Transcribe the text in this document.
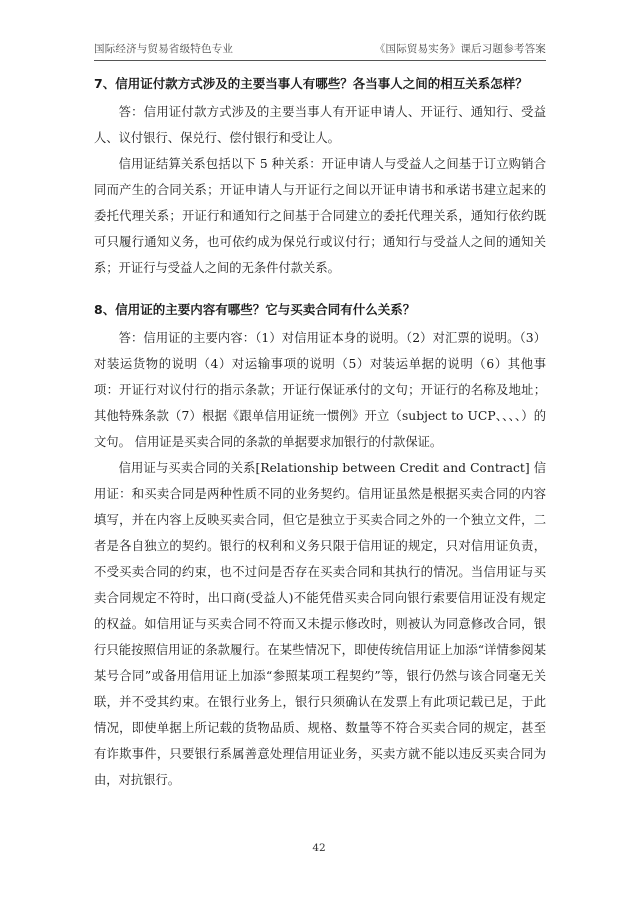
国际经济与贸易省级特色专业	《国际贸易实务》课后习题参考答案
7、信用证付款方式涉及的主要当事人有哪些？各当事人之间的相互关系怎样？

答：信用证付款方式涉及的主要当事人有开证申请人、开证行、通知行、受益人、议付银行、保兑行、偿付银行和受让人。

信用证结算关系包括以下 5 种关系：开证申请人与受益人之间基于订立购销合同而产生的合同关系；开证申请人与开证行之间以开证申请书和承诺书建立起来的委托代理关系；开证行和通知行之间基于合同建立的委托代理关系，通知行依约既可只履行通知义务，也可依约成为保兑行或议付行；通知行与受益人之间的通知关系；开证行与受益人之间的无条件付款关系。

8、信用证的主要内容有哪些？它与买卖合同有什么关系？

答：信用证的主要内容：（1）对信用证本身的说明。（2）对汇票的说明。（3）对装运货物的说明（4）对运输事项的说明（5）对装运单据的说明（6）其他事项：开证行对议付行的指示条款；开证行保证承付的文句；开证行的名称及地址；其他特殊条款（7）根据《跟单信用证统一惯例》开立（subject to UCP、、、、）的文句。 信用证是买卖合同的条款的单据要求加银行的付款保证。

信用证与买卖合同的关系[Relationship between Credit and Contract] 信用证：和买卖合同是两种性质不同的业务契约。信用证虽然是根据买卖合同的内容填写，并在内容上反映买卖合同，但它是独立于买卖合同之外的一个独立文件，二者是各自独立的契约。银行的权利和义务只限于信用证的规定，只对信用证负责，不受买卖合同的约束，也不过问是否存在买卖合同和其执行的情况。当信用证与买卖合同规定不符时，出口商(受益人)不能凭借买卖合同向银行索要信用证没有规定的权益。如信用证与买卖合同不符而又未提示修改时，则被认为同意修改合同，银行只能按照信用证的条款履行。在某些情况下，即使传统信用证上加添“详情参阅某某号合同”或备用信用证上加添“参照某项工程契约”等，银行仍然与该合同毫无关联，并不受其约束。在银行业务上，银行只须确认在发票上有此项记载已足，于此情况，即使单据上所记载的货物品质、规格、数量等不符合买卖合同的规定，甚至有诈欺事件，只要银行系属善意处理信用证业务，买卖方就不能以违反买卖合同为由，对抗银行。

42
